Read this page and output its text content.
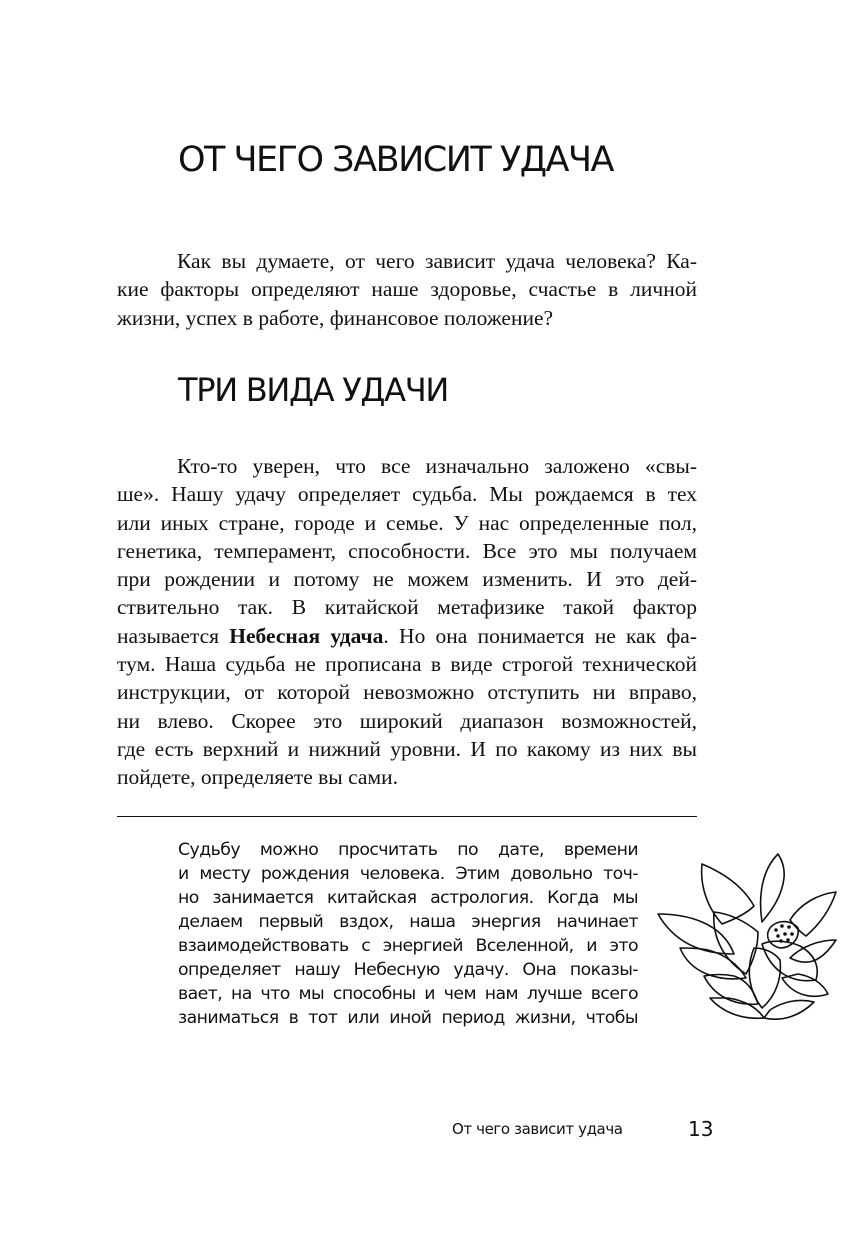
ОТ ЧЕГО ЗАВИСИТ УДАЧА

Как вы думаете, от чего зависит удача человека? Ка-
кие факторы определяют наше здоровье, счастье в личной
жизни, успех в работе, финансовое положение?

ТРИ ВИДА УДАЧИ

Кто-то уверен, что все изначально заложено «свы-
ше». Нашу удачу определяет судьба. Мы рождаемся в тех
или иных стране, городе и семье. У нас определенные пол,
генетика, темперамент, способности. Все это мы получаем
при рождении и потому не можем изменить. И это дей-
ствительно так. В китайской метафизике такой фактор
называется Небесная удача. Но она понимается не как фа-
тум. Наша судьба не прописана в виде строгой технической
инструкции, от которой невозможно отступить ни вправо,
ни влево. Скорее это широкий диапазон возможностей,
где есть верхний и нижний уровни. И по какому из них вы
пойдете, определяете вы сами.

Судьбу можно просчитать по дате, времени
и месту рождения человека. Этим довольно точ-
но занимается китайская астрология. Когда мы
делаем первый вздох, наша энергия начинает
взаимодействовать с энергией Вселенной, и это
определяет нашу Небесную удачу. Она показы-
вает, на что мы способны и чем нам лучше всего
заниматься в тот или иной период жизни, чтобы

От чего зависит удача	13
